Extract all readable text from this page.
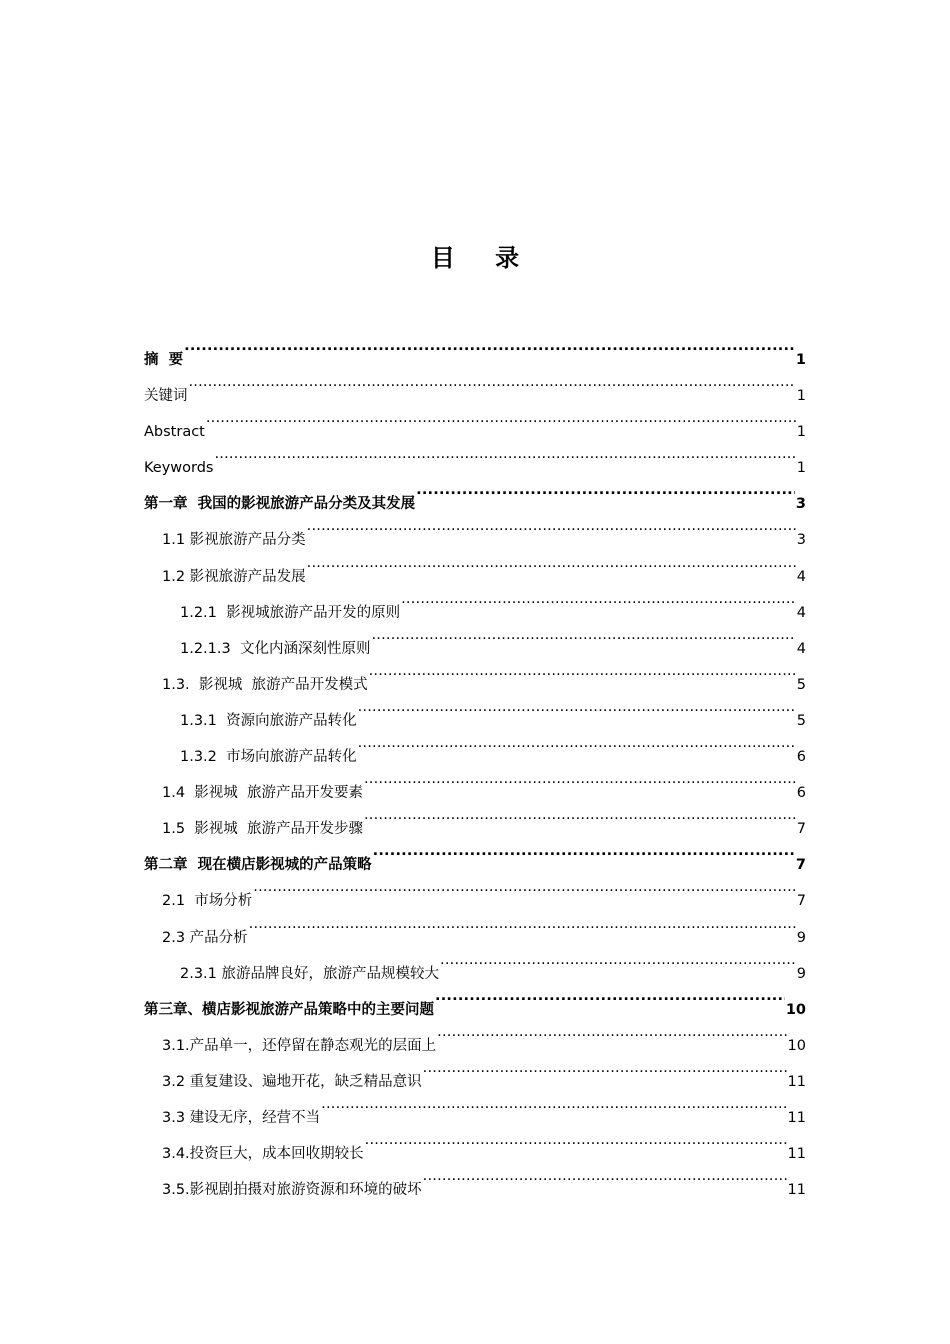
目 录
摘  要 .....	1
关键词 .....	1
Abstract .....	1
Keywords .....	1
第一章  我国的影视旅游产品分类及其发展 .....	3
1.1 影视旅游产品分类 .....	3
1.2 影视旅游产品发展 .....	4
1.2.1  影视城旅游产品开发的原则 .....	4
1.2.1.3  文化内涵深刻性原则 .....	4
1.3.  影视城  旅游产品开发模式 .....	5
1.3.1  资源向旅游产品转化 .....	5
1.3.2  市场向旅游产品转化 .....	6
1.4  影视城  旅游产品开发要素 .....	6
1.5  影视城  旅游产品开发步骤 .....	7
第二章  现在横店影视城的产品策略 .....	7
2.1  市场分析 .....	7
2.3 产品分析 .....	9
2.3.1 旅游品牌良好，旅游产品规模较大 .....	9
第三章、横店影视旅游产品策略中的主要问题 .....	10
3.1.产品单一，还停留在静态观光的层面上 .....	10
3.2 重复建设、遍地开花，缺乏精品意识 .....	11
3.3 建设无序，经营不当 .....	11
3.4.投资巨大，成本回收期较长 .....	11
3.5.影视剧拍摄对旅游资源和环境的破坏 .....	11
